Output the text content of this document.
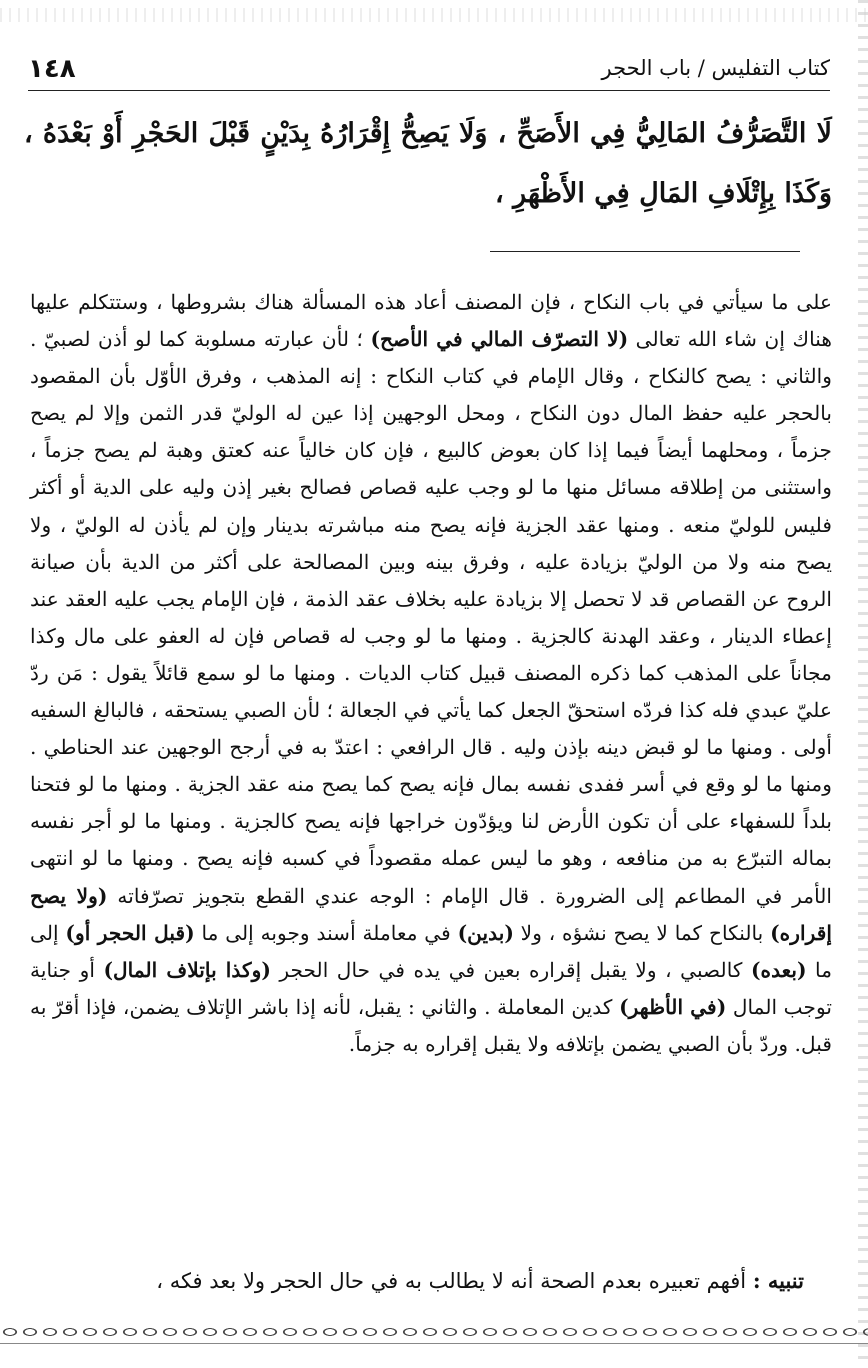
١٤٨	كتاب التفليس / باب الحجر
لَا التَّصَرُّفُ المَالِيُّ فِي الأَصَحِّ ، وَلَا يَصِحُّ إِقْرَارُهُ بِدَيْنٍ قَبْلَ الحَجْرِ أَوْ بَعْدَهُ ، وَكَذَا بِإِتْلَافِ المَالِ فِي الأَظْهَرِ ،

على ما سيأتي في باب النكاح ، فإن المصنف أعاد هذه المسألة هناك بشروطها ، وستتكلم عليها هناك إن شاء الله تعالى (لا التصرّف المالي في الأصح) ؛ لأن عبارته مسلوبة كما لو أذن لصبيّ . والثاني : يصح كالنكاح ، وقال الإمام في كتاب النكاح : إنه المذهب ، وفرق الأوّل بأن المقصود بالحجر عليه حفظ المال دون النكاح ، ومحل الوجهين إذا عين له الوليّ قدر الثمن وإلا لم يصح جزماً ، ومحلهما أيضاً فيما إذا كان بعوض كالبيع ، فإن كان خالياً عنه كعتق وهبة لم يصح جزماً ، واستثنى من إطلاقه مسائل منها ما لو وجب عليه قصاص فصالح بغير إذن وليه على الدية أو أكثر فليس للوليّ منعه . ومنها عقد الجزية فإنه يصح منه مباشرته بدينار وإن لم يأذن له الوليّ ، ولا يصح منه ولا من الوليّ بزيادة عليه ، وفرق بينه وبين المصالحة على أكثر من الدية بأن صيانة الروح عن القصاص قد لا تحصل إلا بزيادة عليه بخلاف عقد الذمة ، فإن الإمام يجب عليه العقد عند إعطاء الدينار ، وعقد الهدنة كالجزية . ومنها ما لو وجب له قصاص فإن له العفو على مال وكذا مجاناً على المذهب كما ذكره المصنف قبيل كتاب الديات . ومنها ما لو سمع قائلاً يقول : مَن ردّ عليّ عبدي فله كذا فردّه استحقّ الجعل كما يأتي في الجعالة ؛ لأن الصبي يستحقه ، فالبالغ السفيه أولى . ومنها ما لو قبض دينه بإذن وليه . قال الرافعي : اعتدّ به في أرجح الوجهين عند الحناطي . ومنها ما لو وقع في أسر ففدى نفسه بمال فإنه يصح كما يصح منه عقد الجزية . ومنها ما لو فتحنا بلداً للسفهاء على أن تكون الأرض لنا ويؤدّون خراجها فإنه يصح كالجزية . ومنها ما لو أجر نفسه بماله التبرّع به من منافعه ، وهو ما ليس عمله مقصوداً في كسبه فإنه يصح . ومنها ما لو انتهى الأمر في المطاعم إلى الضرورة . قال الإمام : الوجه عندي القطع بتجويز تصرّفاته (ولا يصح إقراره) بالنكاح كما لا يصح نشؤه ، ولا (بدين) في معاملة أسند وجوبه إلى ما (قبل الحجر أو) إلى ما (بعده) كالصبي ، ولا يقبل إقراره بعين في يده في حال الحجر (وكذا بإتلاف المال) أو جناية توجب المال (في الأظهر) كدين المعاملة . والثاني : يقبل، لأنه إذا باشر الإتلاف يضمن، فإذا أقرّ به قبل. وردّ بأن الصبي يضمن بإتلافه ولا يقبل إقراره به جزماً.

تنبيه : أفهم تعبيره بعدم الصحة أنه لا يطالب به في حال الحجر ولا بعد فكه ،
